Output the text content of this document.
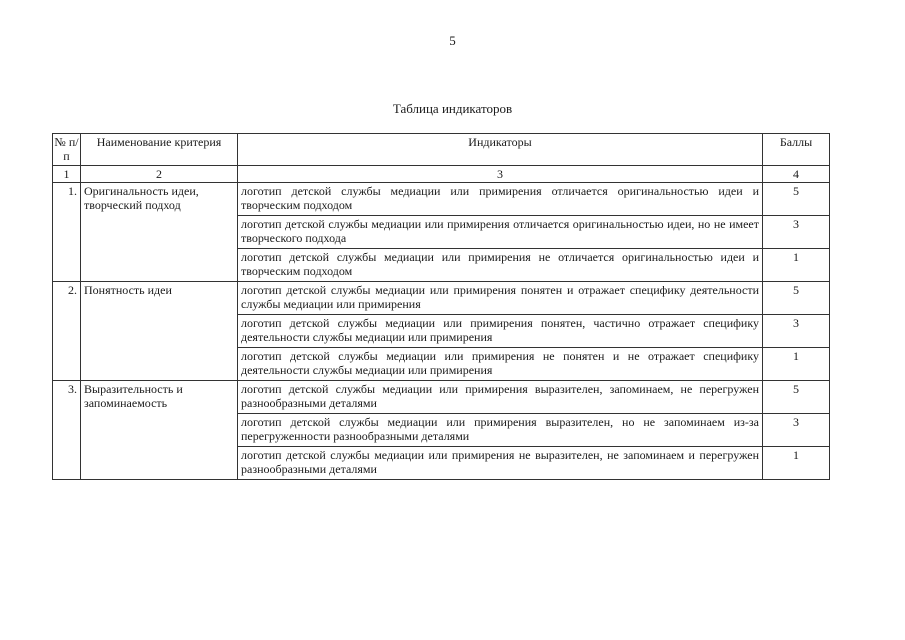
5
Таблица индикаторов
№ п/п	Наименование критерия	Индикаторы	Баллы
1	2	3	4
1.	Оригинальность идеи, творческий подход	логотип детской службы медиации или примирения отличается оригинальностью идеи и творческим подходом	5
		логотип детской службы медиации или примирения отличается оригинальностью идеи, но не имеет творческого подхода	3
		логотип детской службы медиации или примирения не отличается оригинальностью идеи и творческим подходом	1
2.	Понятность идеи	логотип детской службы медиации или примирения понятен и отражает специфику деятельности службы медиации или примирения	5
		логотип детской службы медиации или примирения понятен, частично отражает специфику деятельности службы медиации или примирения	3
		логотип детской службы медиации или примирения не понятен и не отражает специфику деятельности службы медиации или примирения	1
3.	Выразительность и запоминаемость	логотип детской службы медиации или примирения выразителен, запоминаем, не перегружен разнообразными деталями	5
		логотип детской службы медиации или примирения выразителен, но не запоминаем из-за перегруженности разнообразными деталями	3
		логотип детской службы медиации или примирения не выразителен, не запоминаем и перегружен разнообразными деталями	1
